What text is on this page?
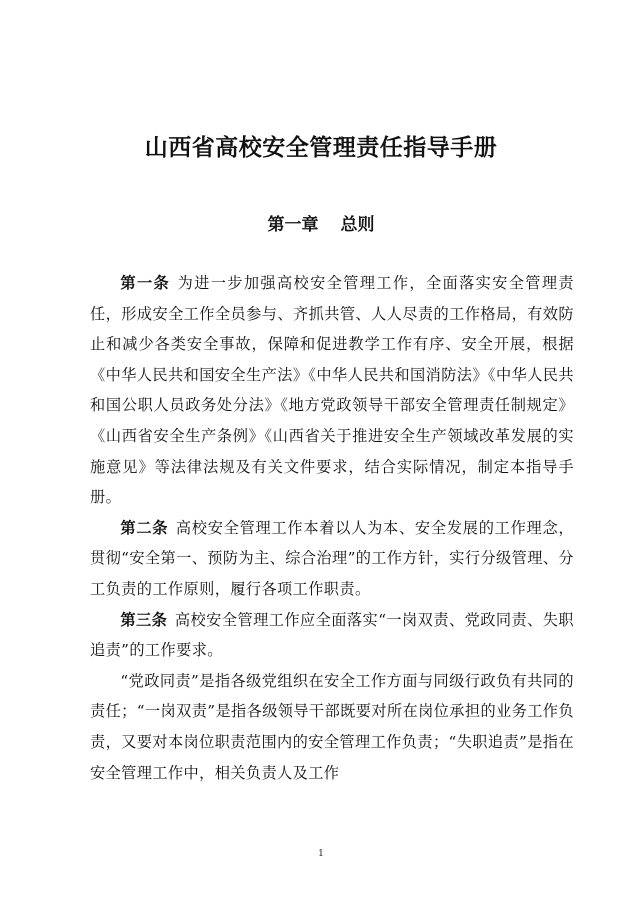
山西省高校安全管理责任指导手册
第一章 总则

第一条 为进一步加强高校安全管理工作，全面落实安全管理责任，形成安全工作全员参与、齐抓共管、人人尽责的工作格局，有效防止和减少各类安全事故，保障和促进教学工作有序、安全开展，根据《中华人民共和国安全生产法》《中华人民共和国消防法》《中华人民共和国公职人员政务处分法》《地方党政领导干部安全管理责任制规定》《山西省安全生产条例》《山西省关于推进安全生产领域改革发展的实施意见》等法律法规及有关文件要求，结合实际情况，制定本指导手册。

第二条 高校安全管理工作本着以人为本、安全发展的工作理念，贯彻“安全第一、预防为主、综合治理”的工作方针，实行分级管理、分工负责的工作原则，履行各项工作职责。

第三条 高校安全管理工作应全面落实“一岗双责、党政同责、失职追责”的工作要求。

“党政同责”是指各级党组织在安全工作方面与同级行政负有共同的责任；“一岗双责”是指各级领导干部既要对所在岗位承担的业务工作负责，又要对本岗位职责范围内的安全管理工作负责；“失职追责”是指在安全管理工作中，相关负责人及工作

1
